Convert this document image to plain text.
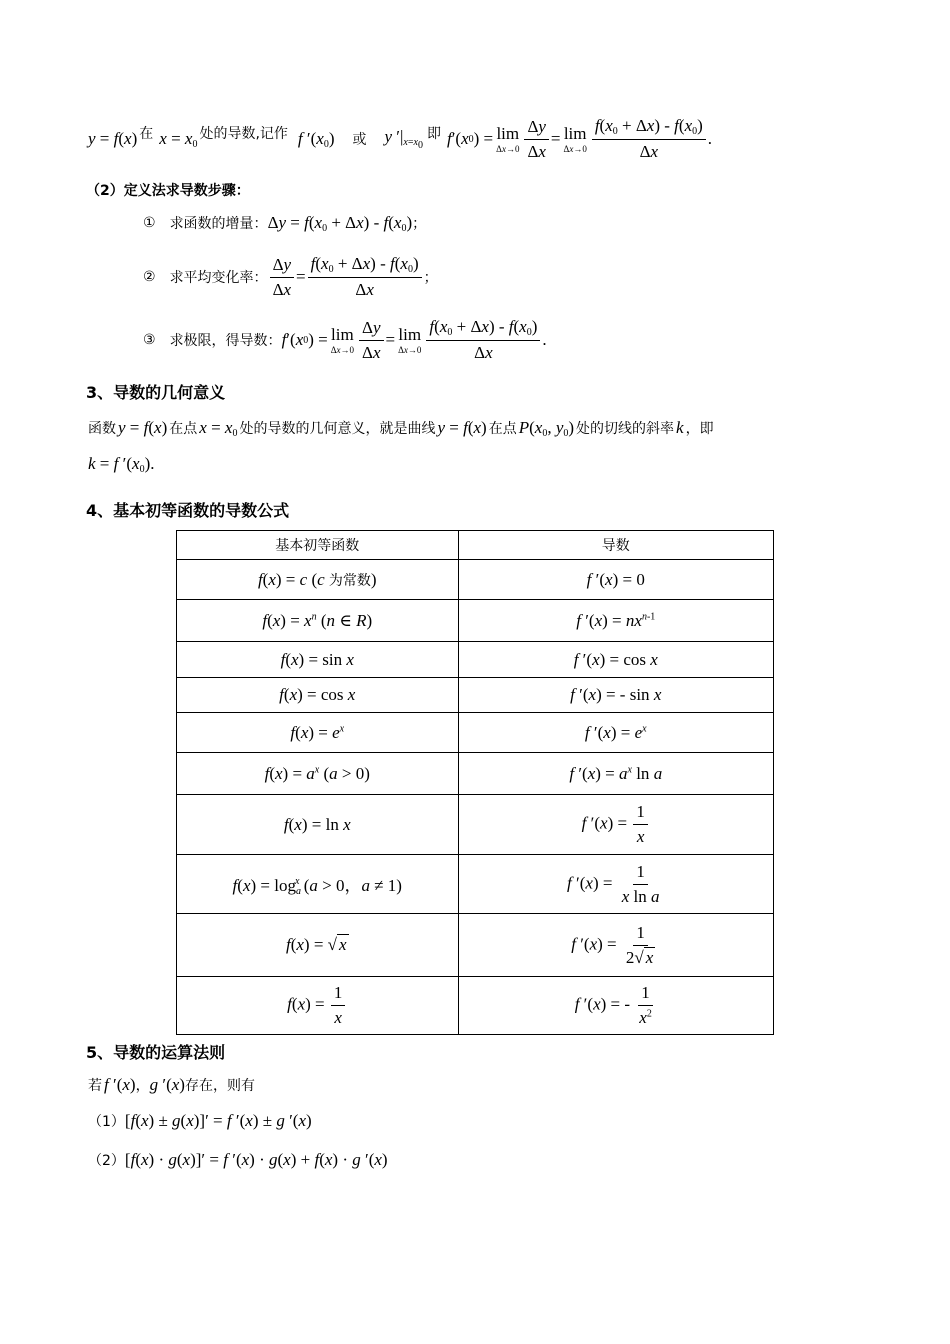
y = f(x) 在 $x = x_0$
处的导数,记作 f $'(x_0)$ 或 y $'|_{x=x_0}$
即 f ′( x 0 ) = lim
$\Delta x\to 0 \frac{\Delta y}{\Delta x} = \lim$
$\Delta x\to 0 \frac{f(x_0 + \Delta x) - f(x_0)}{\Delta x}$ .
（2）定义法求导数步骤：
① 求函数的增量： $\Delta y = f(x_0 + \Delta x) - f(x_0)$ ；
② 求平均变化率： $\frac{\Delta y}{\Delta x} = \frac{f(x_0 + \Delta x) - f(x_0)}{\Delta x}$ ；
③ 求极限，得导数： f ′( x 0 ) = lim
$\Delta x\to 0 \frac{\Delta y}{\Delta x} = \lim$
$\Delta x\to 0 \frac{f(x_0 + \Delta x) - f(x_0)}{\Delta x}$ .
3、导数的几何意义
函数 y = f(x) 在点 $x = x_0$ 处的导数的几何意义，就是曲线 y = f(x) 在点 $P(x_0$, $y_0$) 处的切线的斜率 k ，即
k = f $'(x_0)$.
4、基本初等函数的导数公式
基本初等函数	导数
f(x) = c (c 为常数)	f ′(x) = 0
$f(x) = x^n$ (n ∈ R)	f $'(x) = nx^{n-1}$
f(x) = sin x	f ′(x) = cos x
f(x) = cos x	f ′(x) = - sin x
$f(x) = e^x$	f $'(x) = e^x$
$f(x) = a^x$ (a > 0)	f $'(x) = a^x$ ln a
f(x) = ln x	f $'(x) = \frac{1}{x}$

$f(x) = \log_a^x (a > 0$，a ≠ 1)	f $'(x) = \frac{1}{\text{x ln a}}$

f(x) = √ x	f $'(x) = \frac{1}{2√ x}$

$f(x) = \frac{1}{x}$	f ′(x) = - $\frac{1}{x^2}$
5、导数的运算法则
若 f ′(x) ， g ′(x) 存在，则有
（1） [f(x) ± g(x)]′ = f ′(x) ± g ′(x)
（2） [f(x) · g(x)]′ = f ′(x) · g(x) + f(x) · g ′(x)
